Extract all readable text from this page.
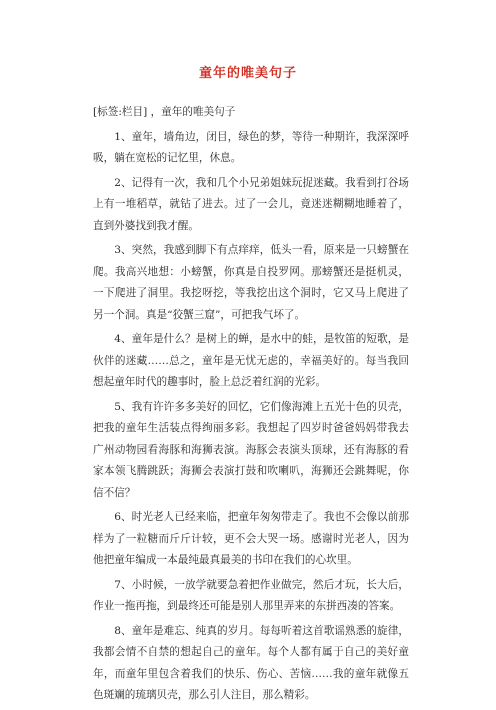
童年的唯美句子

[标签:栏目] ，童年的唯美句子

1、童年，墙角边，闭目，绿色的梦，等待一种期许，我深深呼吸，躺在宽松的记忆里，休息。

2、记得有一次，我和几个小兄弟姐妹玩捉迷藏。我看到打谷场上有一堆稻草，就钻了进去。过了一会儿，竟迷迷糊糊地睡着了，直到外婆找到我才醒。

3、突然，我感到脚下有点痒痒，低头一看，原来是一只螃蟹在爬。我高兴地想：小螃蟹，你真是自投罗网。那螃蟹还是挺机灵，一下爬进了洞里。我挖呀挖，等我挖出这个洞时，它又马上爬进了另一个洞。真是“狡蟹三窟”，可把我气坏了。

4、童年是什么？是树上的蝉，是水中的蛙，是牧笛的短歌，是伙伴的迷藏……总之，童年是无忧无虑的，幸福美好的。每当我回想起童年时代的趣事时，脸上总泛着红润的光彩。

5、我有许许多多美好的回忆，它们像海滩上五光十色的贝壳，把我的童年生活装点得绚丽多彩。我想起了四岁时爸爸妈妈带我去广州动物园看海豚和海狮表演。海豚会表演头顶球，还有海豚的看家本领飞腾跳跃；海狮会表演打鼓和吹喇叭，海狮还会跳舞呢，你信不信？

6、时光老人已经来临，把童年匆匆带走了。我也不会像以前那样为了一粒糖而斤斤计较，更不会大哭一场。感谢时光老人，因为他把童年编成一本最纯最真最美的书印在我们的心坎里。

7、小时候，一放学就要急着把作业做完，然后才玩，长大后，作业一拖再拖，到最终还可能是别人那里弄来的东拼西凑的答案。

8、童年是难忘、纯真的岁月。每每听着这首歌谣熟悉的旋律，我都会情不自禁的想起自己的童年。每个人都有属于自己的美好童年，而童年里包含着我们的快乐、伤心、苦恼……我的童年就像五色斑斓的琉璃贝壳，那么引人注目，那么精彩。
